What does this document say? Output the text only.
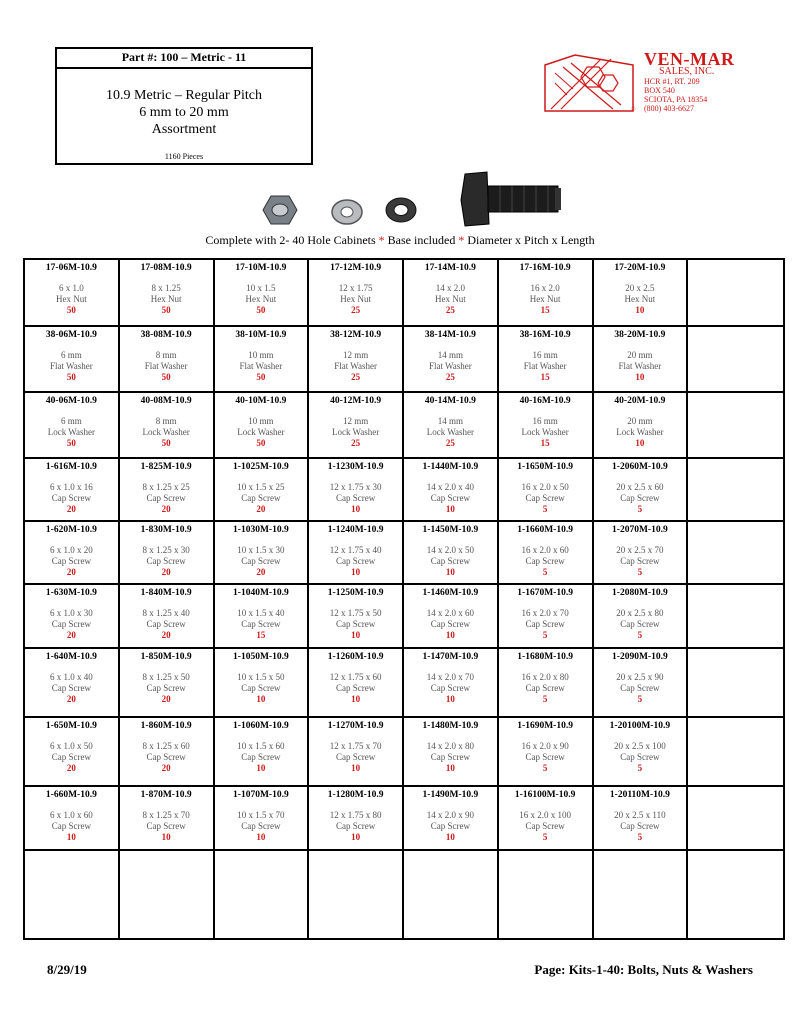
Part #: 100 – Metric - 11
10.9 Metric – Regular Pitch
6 mm to 20 mm
Assortment
1160 Pieces
VEN-MAR
SALES, INC.
HCR #1, RT. 209
BOX 540
SCIOTA, PA 18354
(800) 403-6627
®
Complete with 2- 40 Hole Cabinets * Base included * Diameter x Pitch x Length
17-06M-10.9
6 x 1.0
Hex Nut
50
17-08M-10.9
8 x 1.25
Hex Nut
50
17-10M-10.9
10 x 1.5
Hex Nut
50
17-12M-10.9
12 x 1.75
Hex Nut
25
17-14M-10.9
14 x 2.0
Hex Nut
25
17-16M-10.9
16 x 2.0
Hex Nut
15
17-20M-10.9
20 x 2.5
Hex Nut
10
38-06M-10.9
6 mm
Flat Washer
50
38-08M-10.9
8 mm
Flat Washer
50
38-10M-10.9
10 mm
Flat Washer
50
38-12M-10.9
12 mm
Flat Washer
25
38-14M-10.9
14 mm
Flat Washer
25
38-16M-10.9
16 mm
Flat Washer
15
38-20M-10.9
20 mm
Flat Washer
10
40-06M-10.9
6 mm
Lock Washer
50
40-08M-10.9
8 mm
Lock Washer
50
40-10M-10.9
10 mm
Lock Washer
50
40-12M-10.9
12 mm
Lock Washer
25
40-14M-10.9
14 mm
Lock Washer
25
40-16M-10.9
16 mm
Lock Washer
15
40-20M-10.9
20 mm
Lock Washer
10
1-616M-10.9
6 x 1.0 x 16
Cap Screw
20
1-825M-10.9
8 x 1.25 x 25
Cap Screw
20
1-1025M-10.9
10 x 1.5 x 25
Cap Screw
20
1-1230M-10.9
12 x 1.75 x 30
Cap Screw
10
1-1440M-10.9
14 x 2.0 x 40
Cap Screw
10
1-1650M-10.9
16 x 2.0 x 50
Cap Screw
5
1-2060M-10.9
20 x 2.5 x 60
Cap Screw
5
1-620M-10.9
6 x 1.0 x 20
Cap Screw
20
1-830M-10.9
8 x 1.25 x 30
Cap Screw
20
1-1030M-10.9
10 x 1.5 x 30
Cap Screw
20
1-1240M-10.9
12 x 1.75 x 40
Cap Screw
10
1-1450M-10.9
14 x 2.0 x 50
Cap Screw
10
1-1660M-10.9
16 x 2.0 x 60
Cap Screw
5
1-2070M-10.9
20 x 2.5 x 70
Cap Screw
5
1-630M-10.9
6 x 1.0 x 30
Cap Screw
20
1-840M-10.9
8 x 1.25 x 40
Cap Screw
20
1-1040M-10.9
10 x 1.5 x 40
Cap Screw
15
1-1250M-10.9
12 x 1.75 x 50
Cap Screw
10
1-1460M-10.9
14 x 2.0 x 60
Cap Screw
10
1-1670M-10.9
16 x 2.0 x 70
Cap Screw
5
1-2080M-10.9
20 x 2.5 x 80
Cap Screw
5
1-640M-10.9
6 x 1.0 x 40
Cap Screw
20
1-850M-10.9
8 x 1.25 x 50
Cap Screw
20
1-1050M-10.9
10 x 1.5 x 50
Cap Screw
10
1-1260M-10.9
12 x 1.75 x 60
Cap Screw
10
1-1470M-10.9
14 x 2.0 x 70
Cap Screw
10
1-1680M-10.9
16 x 2.0 x 80
Cap Screw
5
1-2090M-10.9
20 x 2.5 x 90
Cap Screw
5
1-650M-10.9
6 x 1.0 x 50
Cap Screw
20
1-860M-10.9
8 x 1.25 x 60
Cap Screw
20
1-1060M-10.9
10 x 1.5 x 60
Cap Screw
10
1-1270M-10.9
12 x 1.75 x 70
Cap Screw
10
1-1480M-10.9
14 x 2.0 x 80
Cap Screw
10
1-1690M-10.9
16 x 2.0 x 90
Cap Screw
5
1-20100M-10.9
20 x 2.5 x 100
Cap Screw
5
1-660M-10.9
6 x 1.0 x 60
Cap Screw
10
1-870M-10.9
8 x 1.25 x 70
Cap Screw
10
1-1070M-10.9
10 x 1.5 x 70
Cap Screw
10
1-1280M-10.9
12 x 1.75 x 80
Cap Screw
10
1-1490M-10.9
14 x 2.0 x 90
Cap Screw
10
1-16100M-10.9
16 x 2.0 x 100
Cap Screw
5
1-20110M-10.9
20 x 2.5 x 110
Cap Screw
5
8/29/19	Page: Kits-1-40: Bolts, Nuts & Washers
